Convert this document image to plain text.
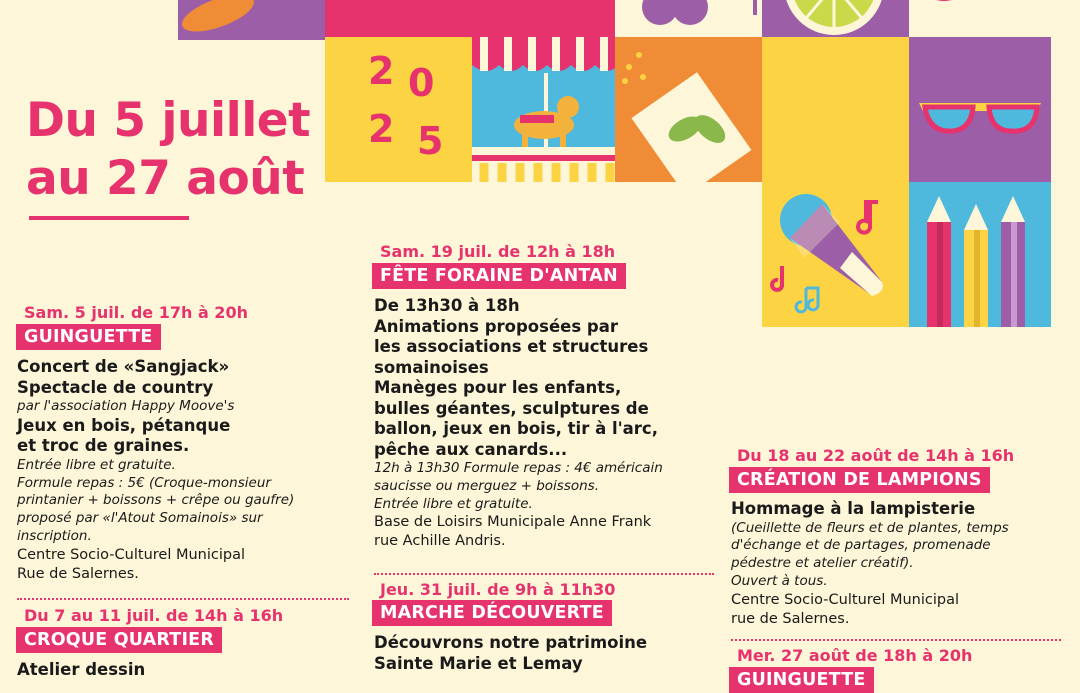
2 0
2 5
Du 5 juillet
au 27 août
Sam. 5 juil. de 17h à 20h
GUINGUETTE
Concert de «Sangjack»
Spectacle de country
par l'association Happy Moove's
Jeux en bois, pétanque
et troc de graines.
Entrée libre et gratuite.
Formule repas : 5€ (Croque-monsieur
printanier + boissons + crêpe ou gaufre)
proposé par «l'Atout Somainois» sur
inscription.
Centre Socio-Culturel Municipal
Rue de Salernes.
Du 7 au 11 juil. de 14h à 16h
CROQUE QUARTIER
Atelier dessin
Sam. 19 juil. de 12h à 18h
FÊTE FORAINE D'ANTAN
De 13h30 à 18h
Animations proposées par
les associations et structures
somainoises
Manèges pour les enfants,
bulles géantes, sculptures de
ballon, jeux en bois, tir à l'arc,
pêche aux canards...
12h à 13h30 Formule repas : 4€ américain
saucisse ou merguez + boissons.
Entrée libre et gratuite.
Base de Loisirs Municipale Anne Frank
rue Achille Andris.
Jeu. 31 juil. de 9h à 11h30
MARCHE DÉCOUVERTE
Découvrons notre patrimoine
Sainte Marie et Lemay
Du 18 au 22 août de 14h à 16h
CRÉATION DE LAMPIONS
Hommage à la lampisterie
(Cueillette de fleurs et de plantes, temps
d'échange et de partages, promenade
pédestre et atelier créatif).
Ouvert à tous.
Centre Socio-Culturel Municipal
rue de Salernes.
Mer. 27 août de 18h à 20h
GUINGUETTE
